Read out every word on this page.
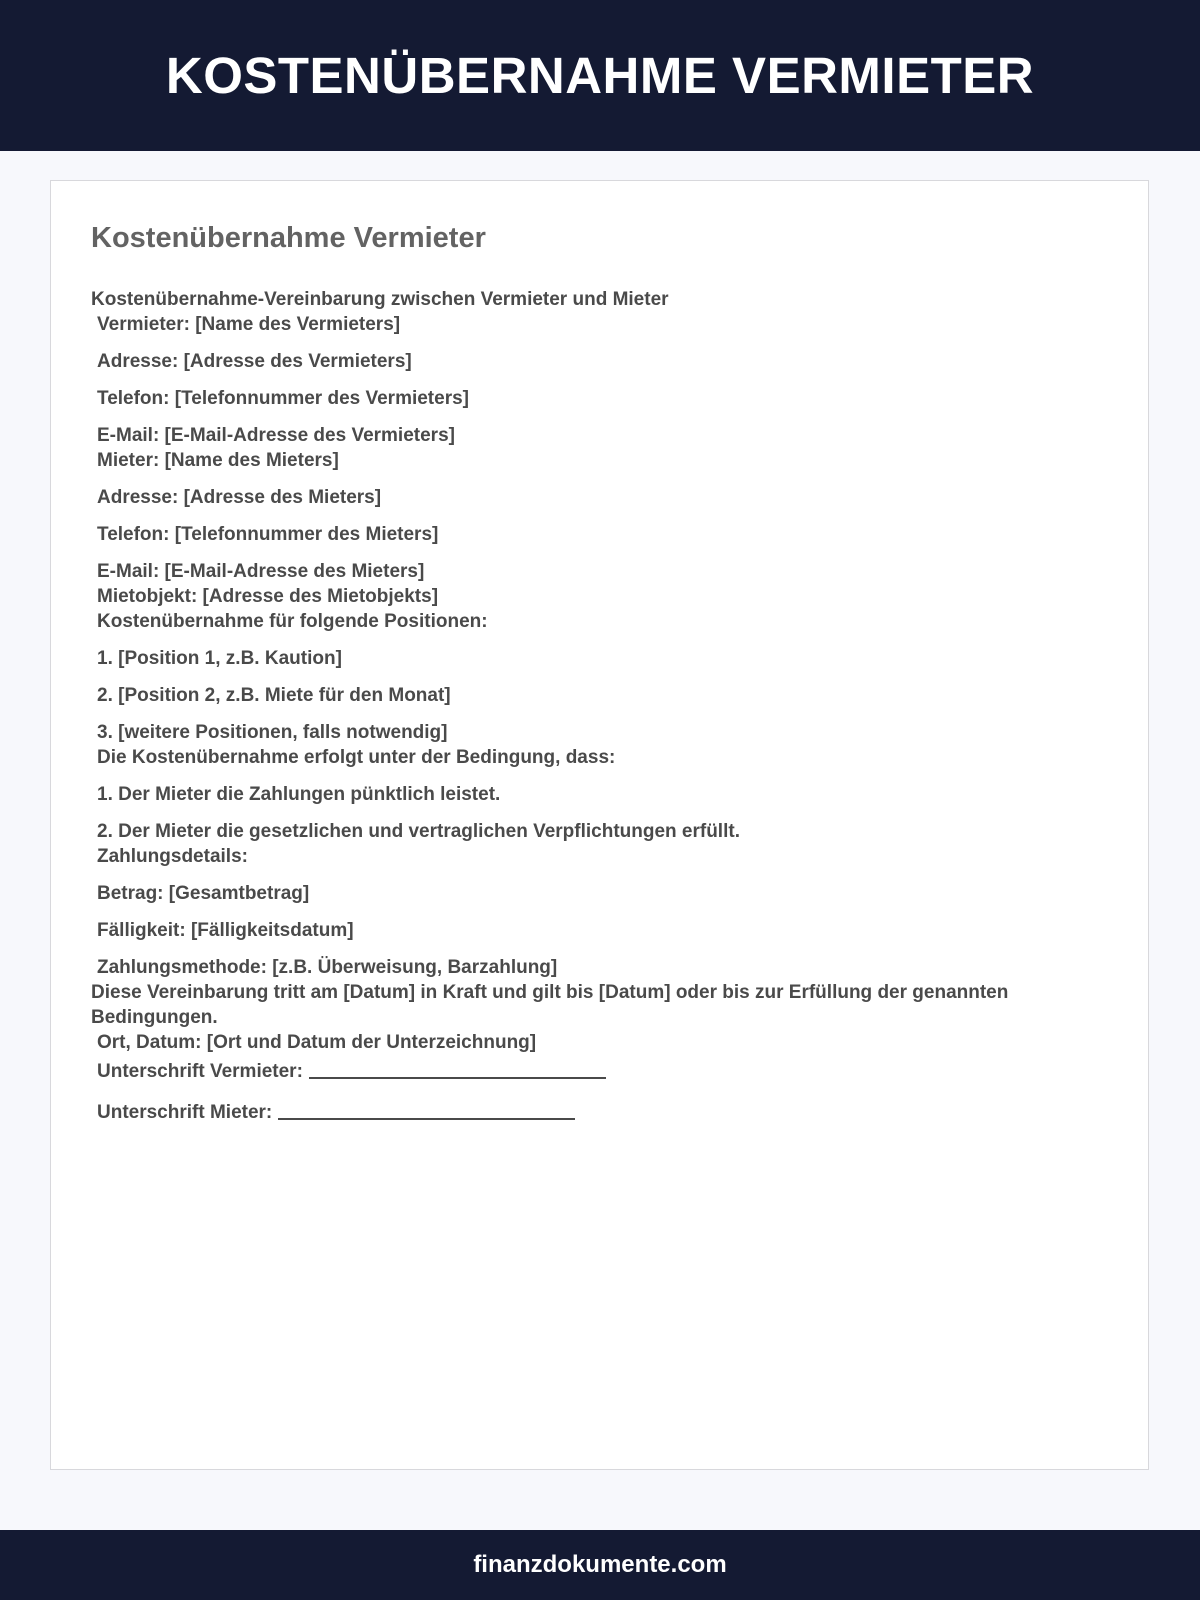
KOSTENÜBERNAHME VERMIETER
Kostenübernahme Vermieter

Kostenübernahme-Vereinbarung zwischen Vermieter und Mieter

Vermieter: [Name des Vermieters]

Adresse: [Adresse des Vermieters]

Telefon: [Telefonnummer des Vermieters]

E-Mail: [E-Mail-Adresse des Vermieters]

Mieter: [Name des Mieters]

Adresse: [Adresse des Mieters]

Telefon: [Telefonnummer des Mieters]

E-Mail: [E-Mail-Adresse des Mieters]

Mietobjekt: [Adresse des Mietobjekts]

Kostenübernahme für folgende Positionen:

1. [Position 1, z.B. Kaution]

2. [Position 2, z.B. Miete für den Monat]

3. [weitere Positionen, falls notwendig]

Die Kostenübernahme erfolgt unter der Bedingung, dass:

1. Der Mieter die Zahlungen pünktlich leistet.

2. Der Mieter die gesetzlichen und vertraglichen Verpflichtungen erfüllt.

Zahlungsdetails:

Betrag: [Gesamtbetrag]

Fälligkeit: [Fälligkeitsdatum]

Zahlungsmethode: [z.B. Überweisung, Barzahlung]

Diese Vereinbarung tritt am [Datum] in Kraft und gilt bis [Datum] oder bis zur Erfüllung der genannten Bedingungen.

Ort, Datum: [Ort und Datum der Unterzeichnung]

Unterschrift Vermieter:

Unterschrift Mieter:

finanzdokumente.com
